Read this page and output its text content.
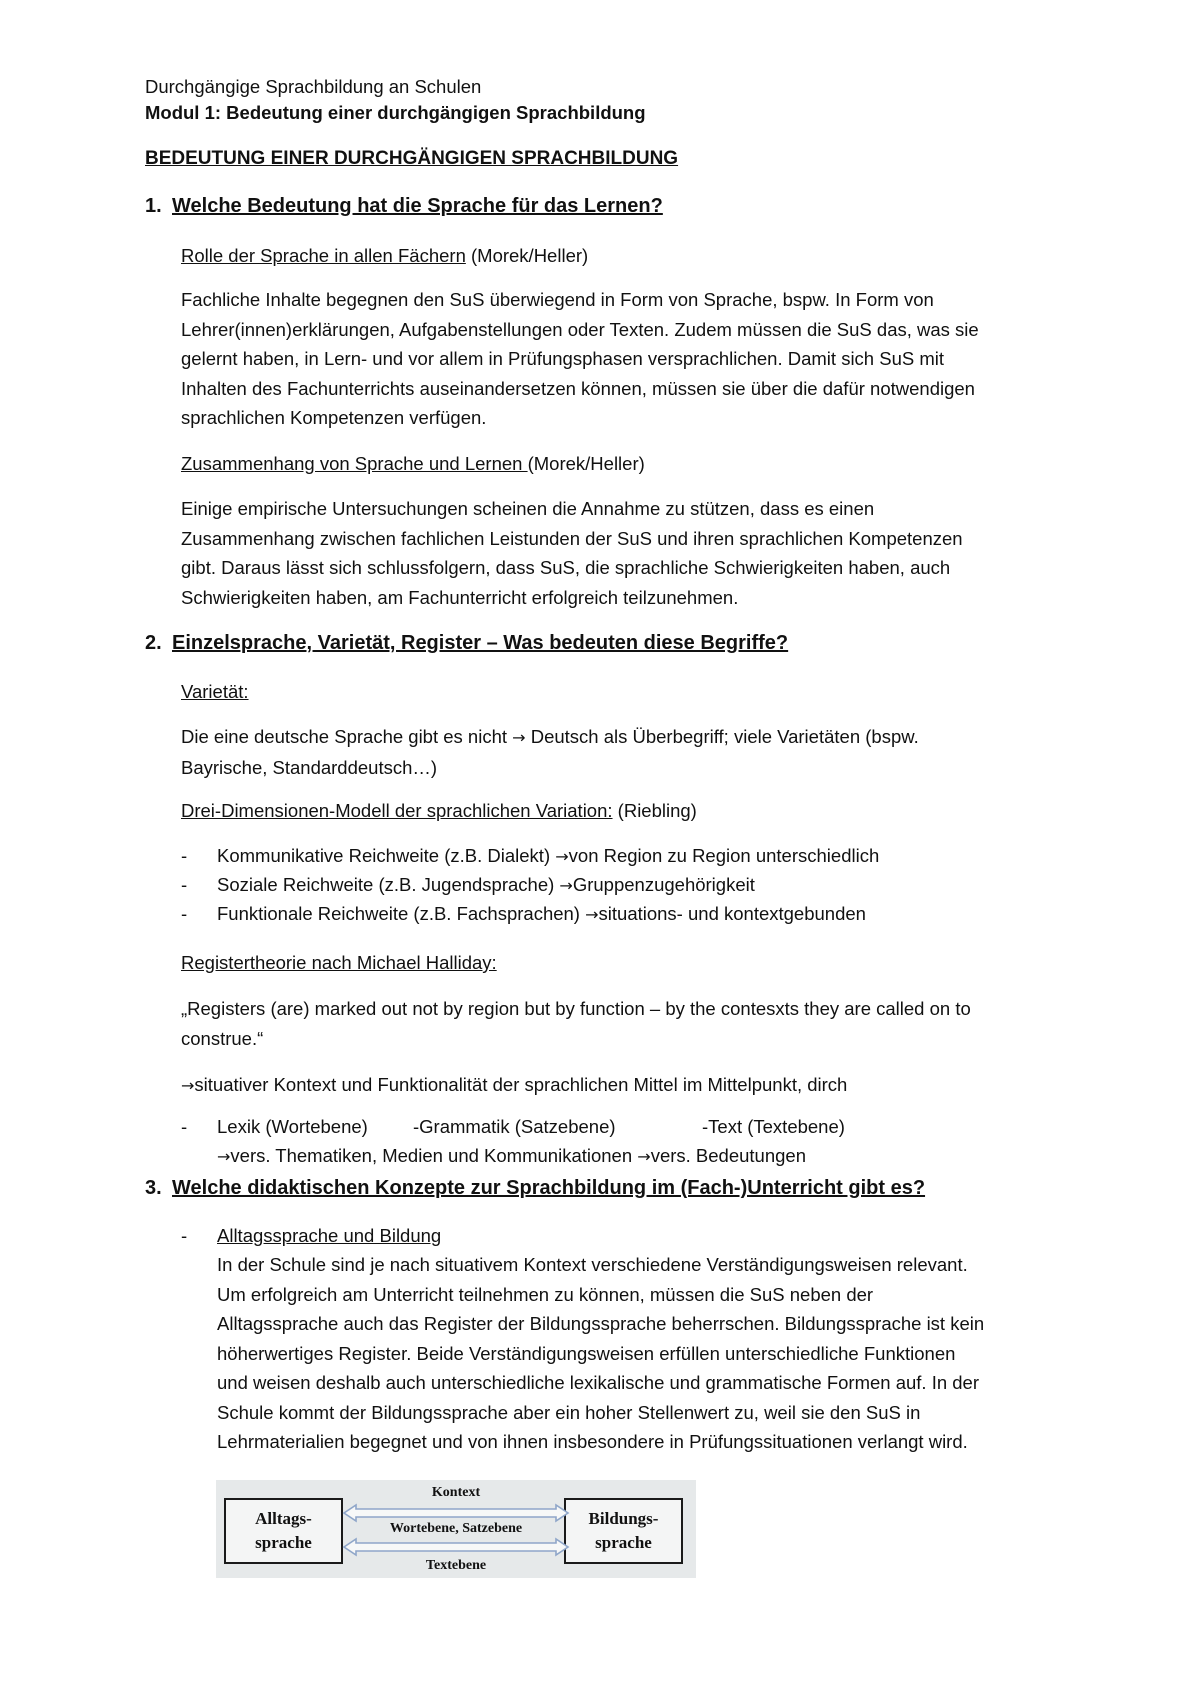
Durchgängige Sprachbildung an Schulen
Modul 1: Bedeutung einer durchgängigen Sprachbildung
BEDEUTUNG EINER DURCHGÄNGIGEN SPRACHBILDUNG
1. Welche Bedeutung hat die Sprache für das Lernen?
Rolle der Sprache in allen Fächern (Morek/Heller)
Fachliche Inhalte begegnen den SuS überwiegend in Form von Sprache, bspw. In Form von
Lehrer(innen)erklärungen, Aufgabenstellungen oder Texten. Zudem müssen die SuS das, was sie
gelernt haben, in Lern- und vor allem in Prüfungsphasen versprachlichen. Damit sich SuS mit
Inhalten des Fachunterrichts auseinandersetzen können, müssen sie über die dafür notwendigen
sprachlichen Kompetenzen verfügen.
Zusammenhang von Sprache und Lernen (Morek/Heller)
Einige empirische Untersuchungen scheinen die Annahme zu stützen, dass es einen
Zusammenhang zwischen fachlichen Leistunden der SuS und ihren sprachlichen Kompetenzen
gibt. Daraus lässt sich schlussfolgern, dass SuS, die sprachliche Schwierigkeiten haben, auch
Schwierigkeiten haben, am Fachunterricht erfolgreich teilzunehmen.
2. Einzelsprache, Varietät, Register – Was bedeuten diese Begriffe?
Varietät:
Die eine deutsche Sprache gibt es nicht → Deutsch als Überbegriff; viele Varietäten (bspw.
Bayrische, Standarddeutsch…)
Drei-Dimensionen-Modell der sprachlichen Variation: (Riebling)
- Kommunikative Reichweite (z.B. Dialekt) →von Region zu Region unterschiedlich
- Soziale Reichweite (z.B. Jugendsprache) →Gruppenzugehörigkeit
- Funktionale Reichweite (z.B. Fachsprachen) →situations- und kontextgebunden
Registertheorie nach Michael Halliday:
„Registers (are) marked out not by region but by function – by the contesxts they are called on to
construe.“
→situativer Kontext und Funktionalität der sprachlichen Mittel im Mittelpunkt, dirch
- Lexik (Wortebene) -Grammatik (Satzebene)	-Text (Textebene)
→vers. Thematiken, Medien und Kommunikationen →vers. Bedeutungen
3. Welche didaktischen Konzepte zur Sprachbildung im (Fach-)Unterricht gibt es?
- Alltagssprache und Bildung
In der Schule sind je nach situativem Kontext verschiedene Verständigungsweisen relevant.
Um erfolgreich am Unterricht teilnehmen zu können, müssen die SuS neben der
Alltagssprache auch das Register der Bildungssprache beherrschen. Bildungssprache ist kein
höherwertiges Register. Beide Verständigungsweisen erfüllen unterschiedliche Funktionen
und weisen deshalb auch unterschiedliche lexikalische und grammatische Formen auf. In der
Schule kommt der Bildungssprache aber ein hoher Stellenwert zu, weil sie den SuS in
Lehrmaterialien begegnet und von ihnen insbesondere in Prüfungssituationen verlangt wird.
Alltags-
sprache
Bildungs-
sprache
Kontext
Wortebene, Satzebene
Textebene
